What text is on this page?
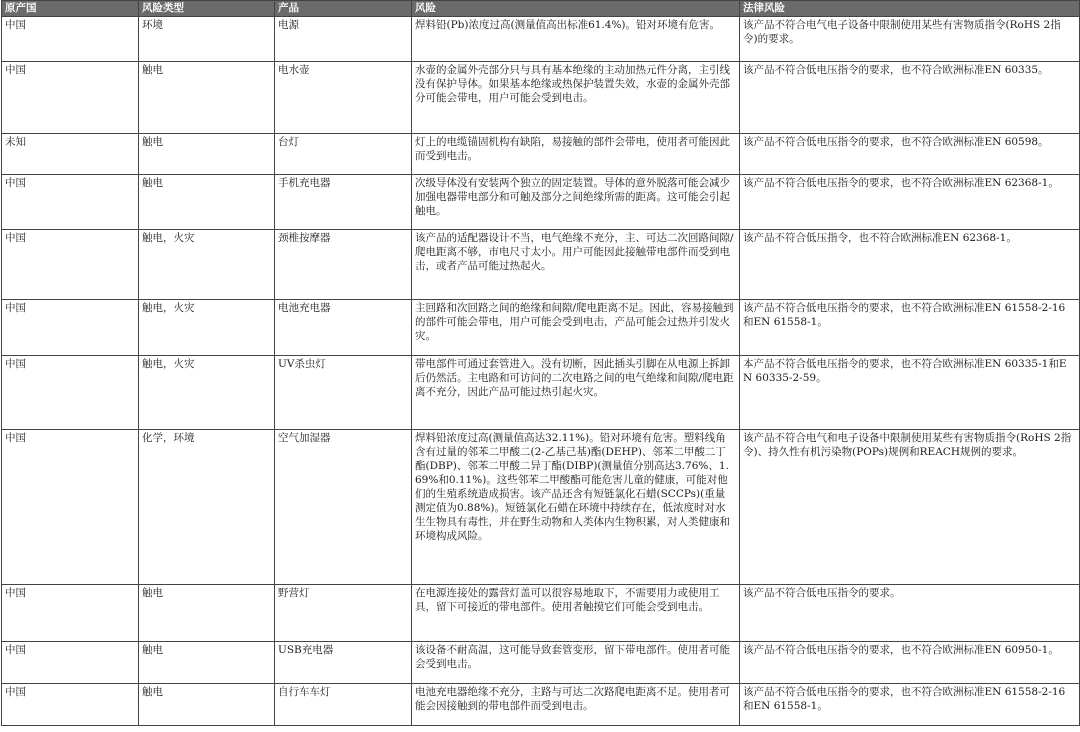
原产国	风险类型	产品	风险	法律风险
中国	环境	电源	焊料铅(Pb)浓度过高(测量值高出标准61.4%)。铅对环境有危害。	该产品不符合电气电子设备中限制使用某些有害物质指令(RoHS 2指令)的要求。
中国	触电	电水壶	水壶的金属外壳部分只与具有基本绝缘的主动加热元件分离，主引线没有保护导体。如果基本绝缘或热保护装置失效，水壶的金属外壳部分可能会带电，用户可能会受到电击。	该产品不符合低电压指令的要求，也不符合欧洲标准EN 60335。
未知	触电	台灯	灯上的电缆锚固机构有缺陷，易接触的部件会带电，使用者可能因此而受到电击。	该产品不符合低电压指令的要求，也不符合欧洲标准EN 60598。
中国	触电	手机充电器	次级导体没有安装两个独立的固定装置。导体的意外脱落可能会减少加强电器带电部分和可触及部分之间绝缘所需的距离。这可能会引起触电。	该产品不符合低电压指令的要求，也不符合欧洲标准EN 62368-1。
中国	触电，火灾	颈椎按摩器	该产品的适配器设计不当，电气绝缘不充分，主、可达二次回路间隙/爬电距离不够，市电尺寸太小。用户可能因此接触带电部件而受到电击，或者产品可能过热起火。	该产品不符合低压指令，也不符合欧洲标准EN 62368-1。
中国	触电，火灾	电池充电器	主回路和次回路之间的绝缘和间隙/爬电距离不足。因此，容易接触到的部件可能会带电，用户可能会受到电击，产品可能会过热并引发火灾。	该产品不符合低电压指令的要求，也不符合欧洲标准EN 61558-2-16和EN 61558-1。
中国	触电，火灾	UV杀虫灯	带电部件可通过套管进入。没有切断，因此插头引脚在从电源上拆卸后仍然活。主电路和可访问的二次电路之间的电气绝缘和间隙/爬电距离不充分，因此产品可能过热引起火灾。	本产品不符合低电压指令的要求，也不符合欧洲标准EN 60335-1和EN 60335-2-59。
中国	化学，环境	空气加湿器	焊料铅浓度过高(测量值高达32.11%)。铅对环境有危害。塑料线角含有过量的邻苯二甲酸二(2-乙基己基)酯(DEHP)、邻苯二甲酸二丁酯(DBP)、邻苯二甲酸二异丁酯(DIBP)(测量值分别高达3.76%、1.69%和0.11%)。这些邻苯二甲酸酯可能危害儿童的健康，可能对他们的生殖系统造成损害。该产品还含有短链氯化石蜡(SCCPs)(重量测定值为0.88%)。短链氯化石蜡在环境中持续存在，低浓度时对水生生物具有毒性，并在野生动物和人类体内生物积累，对人类健康和环境构成风险。	该产品不符合电气和电子设备中限制使用某些有害物质指令(RoHS 2指令)、持久性有机污染物(POPs)规例和REACH规例的要求。
中国	触电	野营灯	在电源连接处的露营灯盖可以很容易地取下，不需要用力或使用工具，留下可接近的带电部件。使用者触摸它们可能会受到电击。	该产品不符合低电压指令的要求。
中国	触电	USB充电器	该设备不耐高温，这可能导致套管变形，留下带电部件。使用者可能会受到电击。	该产品不符合低电压指令的要求，也不符合欧洲标准EN 60950-1。
中国	触电	自行车车灯	电池充电器绝缘不充分，主路与可达二次路爬电距离不足。使用者可能会因接触到的带电部件而受到电击。	该产品不符合低电压指令的要求，也不符合欧洲标准EN 61558-2-16和EN 61558-1。
